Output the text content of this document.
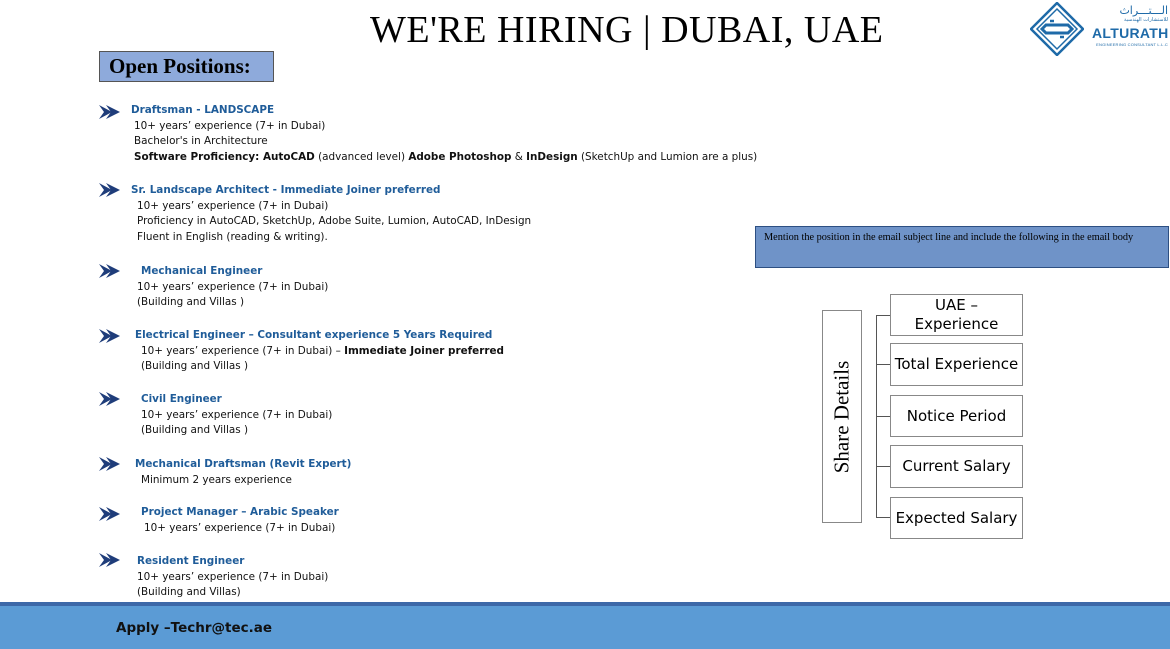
WE'RE HIRING | DUBAI, UAE	الـــتـــراث
للاستشارات الهندسية
ALTURATH
ENGINEERING CONSULTANT L.L.C
Open Positions:
Draftsman - LANDSCAPE
10+ years’ experience (7+ in Dubai)
Bachelor's in Architecture
Software Proficiency: AutoCAD (advanced level) Adobe Photoshop & InDesign (SketchUp and Lumion are a plus)
Sr. Landscape Architect - Immediate Joiner preferred
10+ years’ experience (7+ in Dubai)
Proficiency in AutoCAD, SketchUp, Adobe Suite, Lumion, AutoCAD, InDesign
Fluent in English (reading & writing).
Mechanical Engineer
10+ years’ experience (7+ in Dubai)
(Building and Villas )
Electrical Engineer – Consultant experience 5 Years Required
10+ years’ experience (7+ in Dubai) – Immediate Joiner preferred
(Building and Villas )
Civil Engineer
10+ years’ experience (7+ in Dubai)
(Building and Villas )
Mechanical Draftsman (Revit Expert)
Minimum 2 years experience
Project Manager – Arabic Speaker
10+ years’ experience (7+ in Dubai)
Resident Engineer
10+ years’ experience (7+ in Dubai)
(Building and Villas)
Mention the position in the email subject line and include the following in the email body
Share Details
UAE – Experience
Total Experience
Notice Period
Current Salary
Expected Salary
Apply –Techr@tec.ae
